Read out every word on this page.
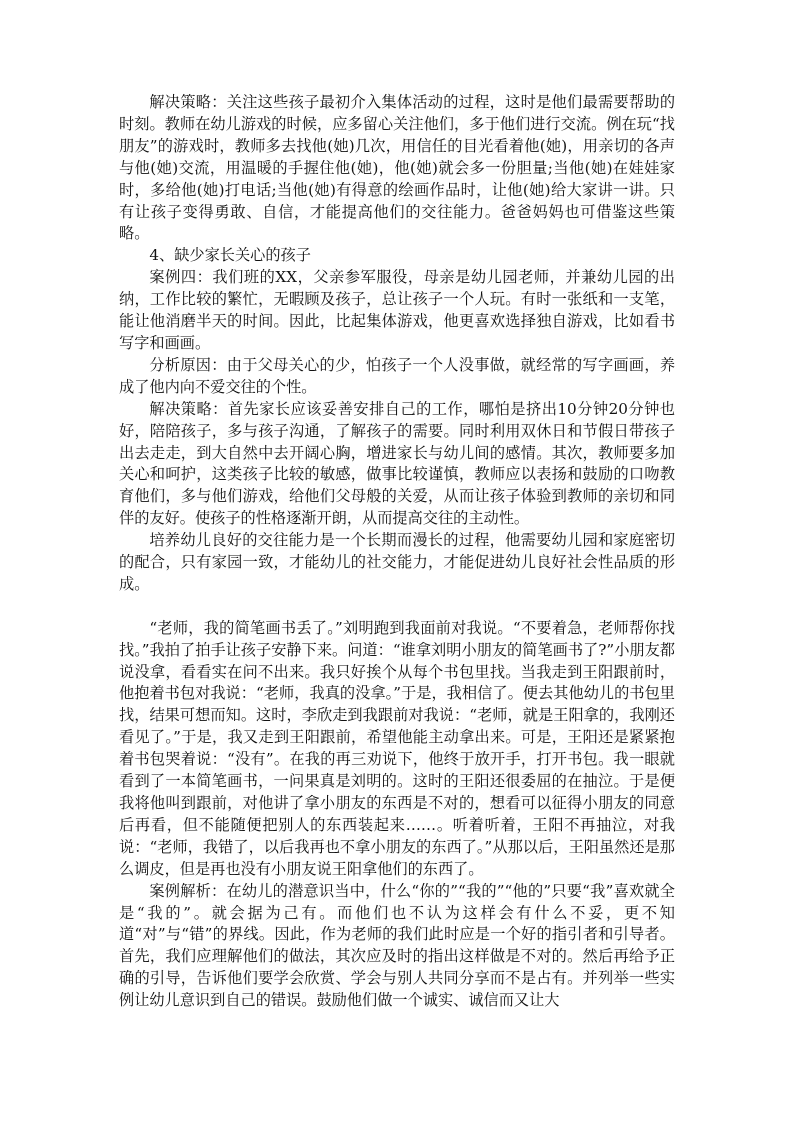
解决策略：关注这些孩子最初介入集体活动的过程，这时是他们最需要帮助的时刻。教师在幼儿游戏的时候，应多留心关注他们，多于他们进行交流。例在玩“找朋友”的游戏时，教师多去找他(她)几次，用信任的目光看着他(她)，用亲切的各声与他(她)交流，用温暖的手握住他(她)，他(她)就会多一份胆量;当他(她)在娃娃家时，多给他(她)打电话;当他(她)有得意的绘画作品时，让他(她)给大家讲一讲。只有让孩子变得勇敢、自信，才能提高他们的交往能力。爸爸妈妈也可借鉴这些策略。

4、缺少家长关心的孩子

案例四：我们班的XX，父亲参军服役，母亲是幼儿园老师，并兼幼儿园的出纳，工作比较的繁忙，无暇顾及孩子，总让孩子一个人玩。有时一张纸和一支笔，能让他消磨半天的时间。因此，比起集体游戏，他更喜欢选择独自游戏，比如看书写字和画画。

分析原因：由于父母关心的少，怕孩子一个人没事做，就经常的写字画画，养成了他内向不爱交往的个性。

解决策略：首先家长应该妥善安排自己的工作，哪怕是挤出10分钟20分钟也好，陪陪孩子，多与孩子沟通，了解孩子的需要。同时利用双休日和节假日带孩子出去走走，到大自然中去开阔心胸，增进家长与幼儿间的感情。其次，教师要多加关心和呵护，这类孩子比较的敏感，做事比较谨慎，教师应以表扬和鼓励的口吻教育他们，多与他们游戏，给他们父母般的关爱，从而让孩子体验到教师的亲切和同伴的友好。使孩子的性格逐渐开朗，从而提高交往的主动性。

培养幼儿良好的交往能力是一个长期而漫长的过程，他需要幼儿园和家庭密切的配合，只有家园一致，才能幼儿的社交能力，才能促进幼儿良好社会性品质的形成。

“老师，我的简笔画书丢了。”刘明跑到我面前对我说。“不要着急，老师帮你找找。”我拍了拍手让孩子安静下来。问道：“谁拿刘明小朋友的简笔画书了?”小朋友都说没拿，看看实在问不出来。我只好挨个从每个书包里找。当我走到王阳跟前时，他抱着书包对我说：“老师，我真的没拿。”于是，我相信了。便去其他幼儿的书包里找，结果可想而知。这时，李欣走到我跟前对我说：“老师，就是王阳拿的，我刚还看见了。”于是，我又走到王阳跟前，希望他能主动拿出来。可是，王阳还是紧紧抱着书包哭着说：“没有”。在我的再三劝说下，他终于放开手，打开书包。我一眼就看到了一本简笔画书，一问果真是刘明的。这时的王阳还很委屈的在抽泣。于是便我将他叫到跟前，对他讲了拿小朋友的东西是不对的，想看可以征得小朋友的同意后再看，但不能随便把别人的东西装起来……。听着听着，王阳不再抽泣，对我说：“老师，我错了，以后我再也不拿小朋友的东西了。”从那以后，王阳虽然还是那么调皮，但是再也没有小朋友说王阳拿他们的东西了。

案例解析：在幼儿的潜意识当中，什么“你的”“我的”“他的”只要“我”喜欢就全是“我的”。就会据为己有。而他们也不认为这样会有什么不妥，更不知道“对”与“错”的界线。因此，作为老师的我们此时应是一个好的指引者和引导者。首先，我们应理解他们的做法，其次应及时的指出这样做是不对的。然后再给予正确的引导，告诉他们要学会欣赏、学会与别人共同分享而不是占有。并列举一些实例让幼儿意识到自己的错误。鼓励他们做一个诚实、诚信而又让大
